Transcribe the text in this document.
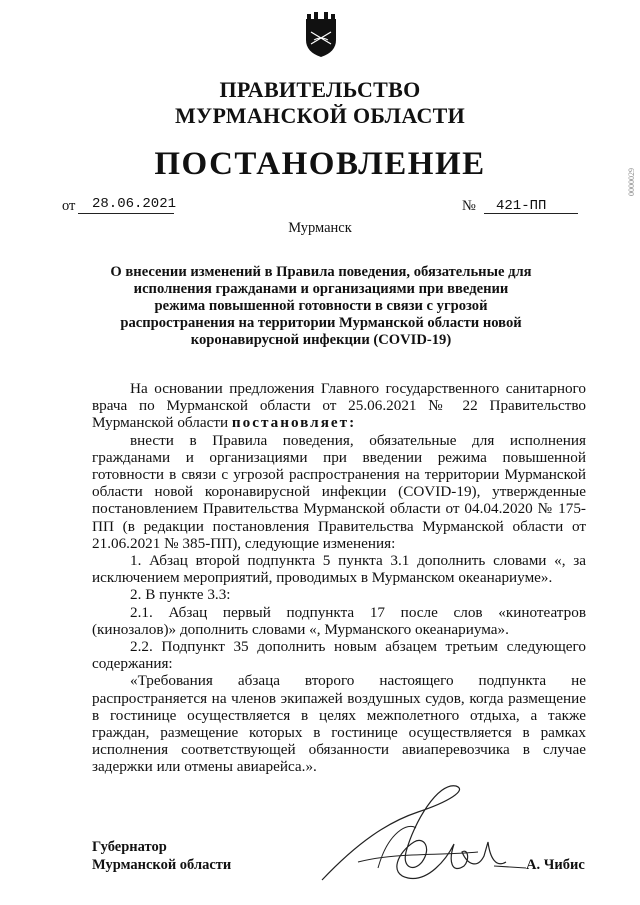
ПРАВИТЕЛЬСТВО
МУРМАНСКОЙ ОБЛАСТИ
ПОСТАНОВЛЕНИЕ
от 28.06.2021	№ 421-ПП
Мурманск
0000029
О внесении изменений в Правила поведения, обязательные для исполнения гражданами и организациями при введении режима повышенной готовности в связи с угрозой распространения на территории Мурманской области новой коронавирусной инфекции (COVID-19)

На основании предложения Главного государственного санитарного врача по Мурманской области от 25.06.2021 № 22 Правительство Мурманской области постановляет:

внести в Правила поведения, обязательные для исполнения гражданами и организациями при введении режима повышенной готовности в связи с угрозой распространения на территории Мурманской области новой коронавирусной инфекции (COVID-19), утвержденные постановлением Правительства Мурманской области от 04.04.2020 № 175-ПП (в редакции постановления Правительства Мурманской области от 21.06.2021 № 385-ПП), следующие изменения:

1. Абзац второй подпункта 5 пункта 3.1 дополнить словами «, за исключением мероприятий, проводимых в Мурманском океанариуме».

2. В пункте 3.3:

2.1. Абзац первый подпункта 17 после слов «кинотеатров (кинозалов)» дополнить словами «, Мурманского океанариума».

2.2. Подпункт 35 дополнить новым абзацем третьим следующего содержания:

«Требования абзаца второго настоящего подпункта не распространяется на членов экипажей воздушных судов, когда размещение в гостинице осуществляется в целях межполетного отдыха, а также граждан, размещение которых в гостинице осуществляется в рамках исполнения соответствующей обязанности авиаперевозчика в случае задержки или отмены авиарейса.».

Губернатор
Мурманской области	А. Чибис
